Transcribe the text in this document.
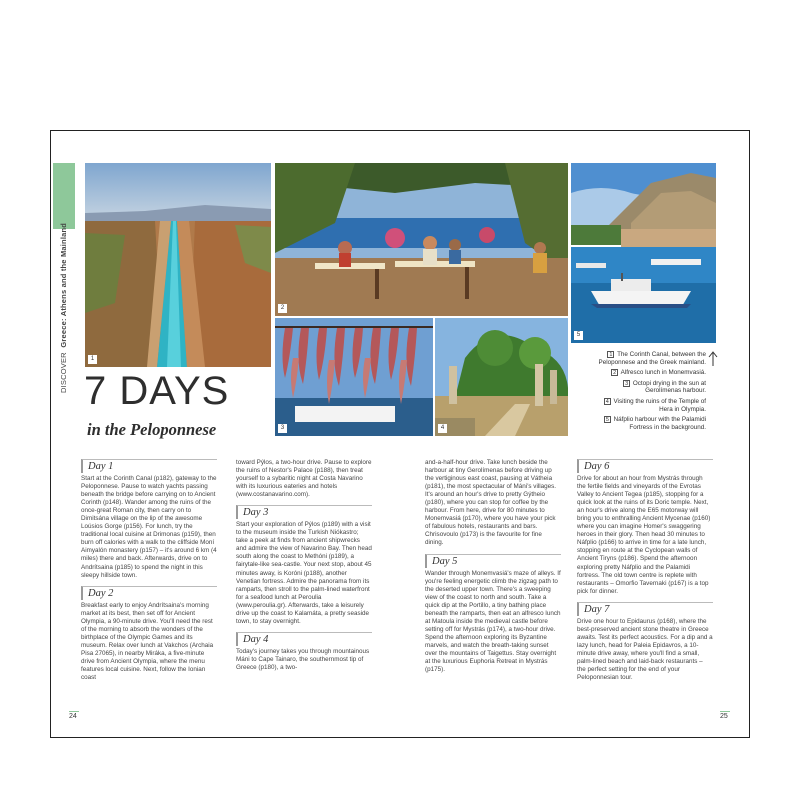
DISCOVER  Greece: Athens and the Mainland
1
2
3	4
5
7 DAYS
in the Peloponnese
1 The Corinth Canal, between the Peloponnese and the Greek mainland.
2 Alfresco lunch in Monemvasiá.
3 Octopi drying in the sun at Gerolímenas harbour.
4 Visiting the ruins of the Temple of Hera in Olympia.
5 Náfplio harbour with the Palamidi Fortress in the background.
Day 1
Start at the Corinth Canal (p182), gateway to the Peloponnese. Pause to watch yachts passing beneath the bridge before carrying on to Ancient Corinth (p148). Wander among the ruins of the once-great Roman city, then carry on to Dimitsána village on the lip of the awesome Loúsios Gorge (p156). For lunch, try the traditional local cuisine at Drimonas (p159), then burn off calories with a walk to the cliffside Moní Aimyalón monastery (p157) – it's around 6 km (4 miles) there and back. Afterwards, drive on to Andrítsaina (p185) to spend the night in this sleepy hillside town.
Day 2
Breakfast early to enjoy Andrítsaina's morning market at its best, then set off for Ancient Olympia, a 90-minute drive. You'll need the rest of the morning to absorb the wonders of the birthplace of the Olympic Games and its museum. Relax over lunch at Vakchos (Archaia Pisa 27065), in nearby Miráka, a five-minute drive from Ancient Olympia, where the menu features local cuisine. Next, follow the Ionian coast
toward Pýlos, a two-hour drive. Pause to explore the ruins of Nestor's Palace (p188), then treat yourself to a sybaritic night at Costa Navarino with its luxurious eateries and hotels (www.costanavarino.com).
Day 3
Start your exploration of Pýlos (p189) with a visit to the museum inside the Turkish Niókastro; take a peek at finds from ancient shipwrecks and admire the view of Navarino Bay. Then head south along the coast to Methóni (p189), a fairytale-like sea-castle. Your next stop, about 45 minutes away, is Koróni (p188), another Venetian fortress. Admire the panorama from its ramparts, then stroll to the palm-lined waterfront for a seafood lunch at Peroulia (www.peroulia.gr). Afterwards, take a leisurely drive up the coast to Kalamáta, a pretty seaside town, to stay overnight.
Day 4
Today's journey takes you through mountainous Máni to Cape Tainaro, the southernmost tip of Greece (p180), a two-
and-a-half-hour drive. Take lunch beside the harbour at tiny Gerolímenas before driving up the vertiginous east coast, pausing at Vátheia (p181), the most spectacular of Máni's villages. It's around an hour's drive to pretty Gýtheio (p180), where you can stop for coffee by the harbour. From here, drive for 80 minutes to Monemvasiá (p170), where you have your pick of fabulous hotels, restaurants and bars. Chrisovoulo (p173) is the favourite for fine dining.
Day 5
Wander through Monemvasiá's maze of alleys. If you're feeling energetic climb the zigzag path to the deserted upper town. There's a sweeping view of the coast to north and south. Take a quick dip at the Portillo, a tiny bathing place beneath the ramparts, then eat an alfresco lunch at Matoula inside the medieval castle before setting off for Mystrás (p174), a two-hour drive. Spend the afternoon exploring its Byzantine marvels, and watch the breath-taking sunset over the mountains of Taigettus. Stay overnight at the luxurious Euphoria Retreat in Mystrás (p175).
Day 6
Drive for about an hour from Mystrás through the fertile fields and vineyards of the Evrotas Valley to Ancient Tegea (p185), stopping for a quick look at the ruins of its Doric temple. Next, an hour's drive along the E65 motorway will bring you to enthralling Ancient Mycenae (p160) where you can imagine Homer's swaggering heroes in their glory. Then head 30 minutes to Náfplio (p166) to arrive in time for a late lunch, stopping en route at the Cyclopean walls of Ancient Tiryns (p186). Spend the afternoon exploring pretty Náfplio and the Palamidi fortress. The old town centre is replete with restaurants – Omorfio Tavernaki (p167) is a top pick for dinner.
Day 7
Drive one hour to Epidaurus (p168), where the best-preserved ancient stone theatre in Greece awaits. Test its perfect acoustics. For a dip and a lazy lunch, head for Paleia Epidavros, a 10-minute drive away, where you'll find a small, palm-lined beach and laid-back restaurants – the perfect setting for the end of your Peloponnesian tour.
24	25
